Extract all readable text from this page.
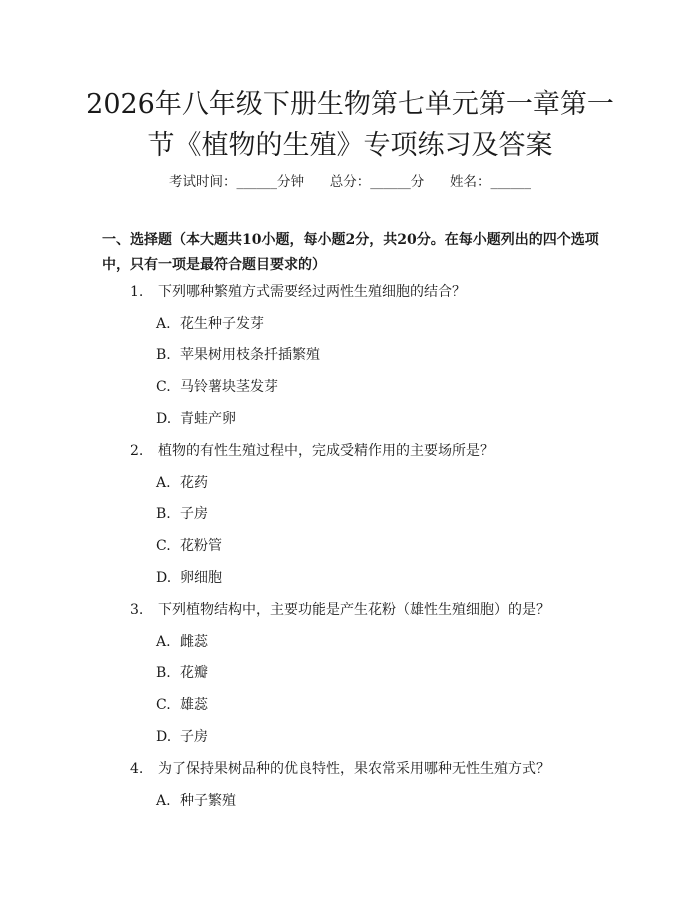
2026年八年级下册生物第七单元第一章第一
节《植物的生殖》专项练习及答案
考试时间：______分钟      总分：______分      姓名：______
一、选择题（本大题共10小题，每小题2分，共20分。在每小题列出的四个选项中，只有一项是最符合题目要求的）
1. 下列哪种繁殖方式需要经过两性生殖细胞的结合？
A. 花生种子发芽
B. 苹果树用枝条扦插繁殖
C. 马铃薯块茎发芽
D. 青蛙产卵
2. 植物的有性生殖过程中，完成受精作用的主要场所是？
A. 花药
B. 子房
C. 花粉管
D. 卵细胞
3. 下列植物结构中，主要功能是产生花粉（雄性生殖细胞）的是？
A. 雌蕊
B. 花瓣
C. 雄蕊
D. 子房
4. 为了保持果树品种的优良特性，果农常采用哪种无性生殖方式？
A. 种子繁殖
